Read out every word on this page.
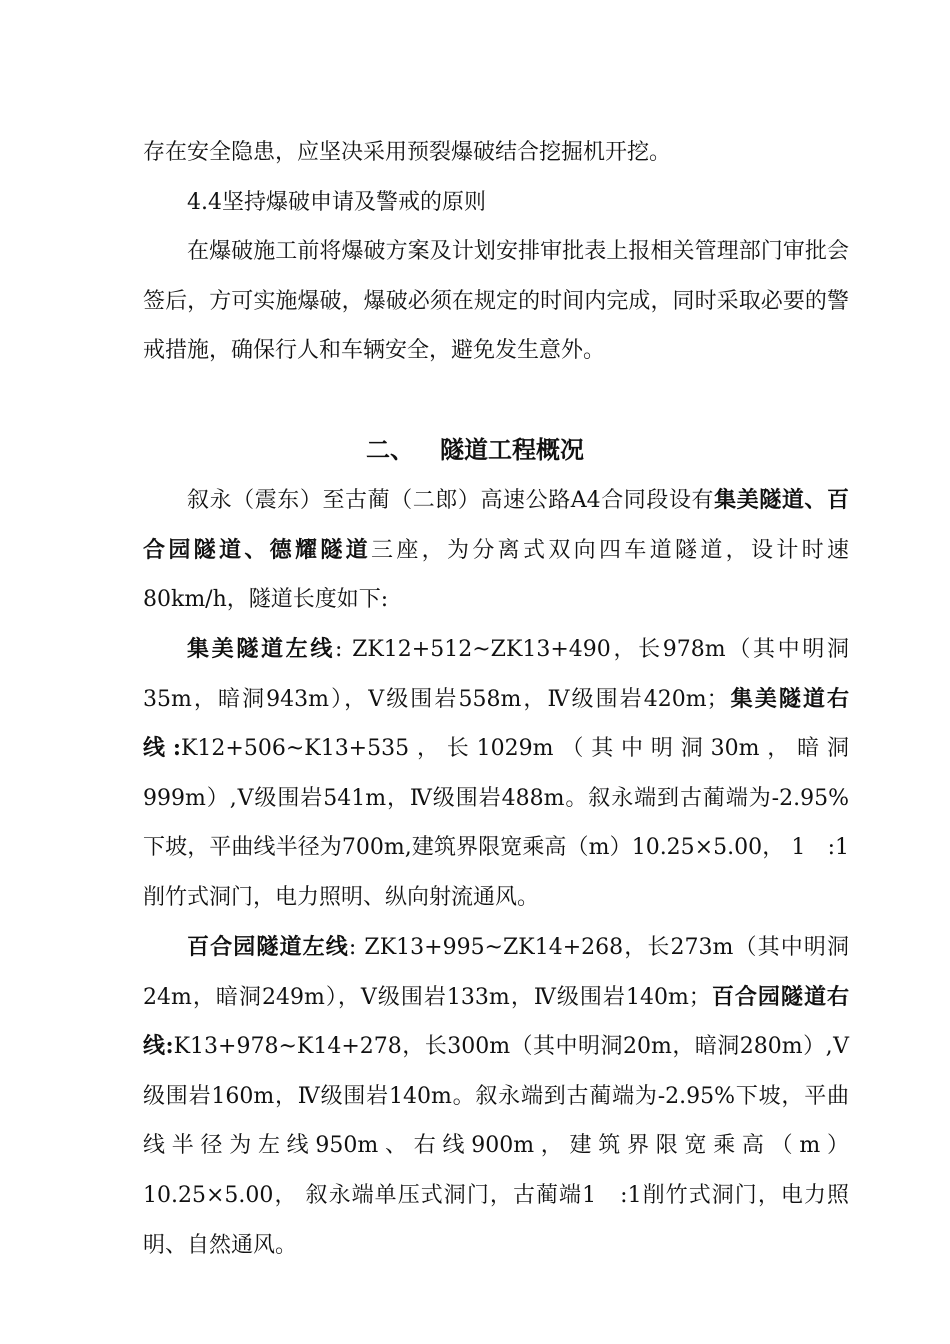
存在安全隐患，应坚决采用预裂爆破结合挖掘机开挖。

4.4坚持爆破申请及警戒的原则

在爆破施工前将爆破方案及计划安排审批表上报相关管理部门审批会签后，方可实施爆破，爆破必须在规定的时间内完成，同时采取必要的警戒措施，确保行人和车辆安全，避免发生意外。

二、 隧道工程概况

叙永（震东）至古蔺（二郎）高速公路A4合同段设有集美隧道、百合园隧道、德耀隧道三座，为分离式双向四车道隧道，设计时速80km/h，隧道长度如下:

集美隧道左线: ZK12+512~ZK13+490，长978m（其中明洞35m，暗洞943m），Ⅴ级围岩558m，Ⅳ级围岩420m；集美隧道右线:K12+506~K13+535，长1029m（其中明洞30m，暗洞999m）,Ⅴ级围岩541m，Ⅳ级围岩488m。叙永端到古蔺端为-2.95%下坡，平曲线半径为700m,建筑界限宽乘高（m）10.25×5.00， 1　:1削竹式洞门，电力照明、纵向射流通风。

百合园隧道左线: ZK13+995~ZK14+268，长273m（其中明洞24m，暗洞249m），Ⅴ级围岩133m，Ⅳ级围岩140m；百合园隧道右线:K13+978~K14+278，长300m（其中明洞20m，暗洞280m）,Ⅴ级围岩160m，Ⅳ级围岩140m。叙永端到古蔺端为-2.95%下坡，平曲线半径为左线950m、右线900m，建筑界限宽乘高（m）10.25×5.00， 叙永端单压式洞门，古蔺端1　:1削竹式洞门，电力照明、自然通风。
